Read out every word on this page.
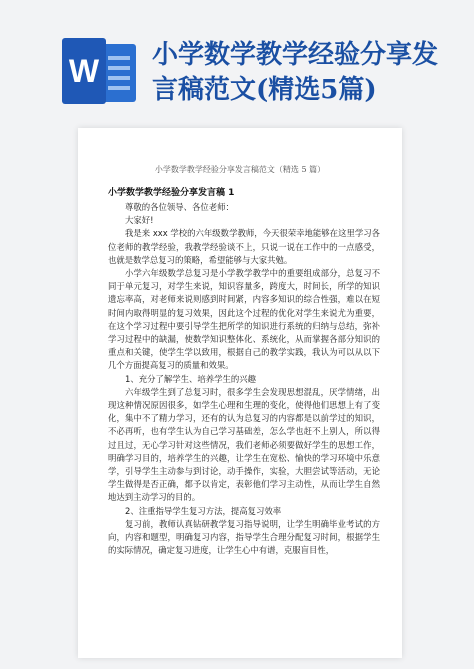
W 小学数学教学经验分享发言稿范文(精选5篇)
小学数学教学经验分享发言稿范文（精选 5 篇）

小学数学教学经验分享发言稿 1

尊敬的各位领导、各位老师：

大家好!

我是来 xxx 学校的六年级数学教师，今天很荣幸地能够在这里学习各位老师的教学经验，我教学经验谈不上，只说一说在工作中的一点感受，也就是数学总复习的策略，希望能够与大家共勉。

小学六年级数学总复习是小学教学教学中的重要组成部分，总复习不同于单元复习，对学生来说，知识容量多，跨度大，时间长，所学的知识遗忘率高，对老师来说则感到时间紧，内容多知识的综合性强，难以在短时间内取得明显的复习效果，因此这个过程的优化对学生来说尤为重要，在这个学习过程中要引导学生把所学的知识进行系统的归纳与总结，弥补学习过程中的缺漏，使数学知识整体化、系统化，从而掌握各部分知识的重点和关键，使学生学以致用，根据自己的教学实践，我认为可以从以下几个方面提高复习的质量和效果。

1、充分了解学生、培养学生的兴趣

六年级学生到了总复习时，很多学生会发现思想混乱，厌学情绪，出现这种情况原因很多，如学生心理和生理的变化，使得他们思想上有了变化，集中不了精力学习，还有的认为总复习的内容都是以前学过的知识，不必再听，也有学生认为自己学习基础差，怎么学也赶不上别人，所以得过且过，无心学习针对这些情况，我们老师必须要做好学生的思想工作，明确学习目的，培养学生的兴趣，让学生在宽松、愉快的学习环境中乐意学，引导学生主动参与到讨论，动手操作，实验，大胆尝试等活动，无论学生做得是否正确，都予以肯定，表彰他们学习主动性，从而让学生自然地达到主动学习的目的。

2、注重指导学生复习方法，提高复习效率

复习前，教师认真钻研教学复习指导说明，让学生明确毕业考试的方向，内容和题型，明确复习内容，指导学生合理分配复习时间，根据学生的实际情况，确定复习进度，让学生心中有谱，克服盲目性，
